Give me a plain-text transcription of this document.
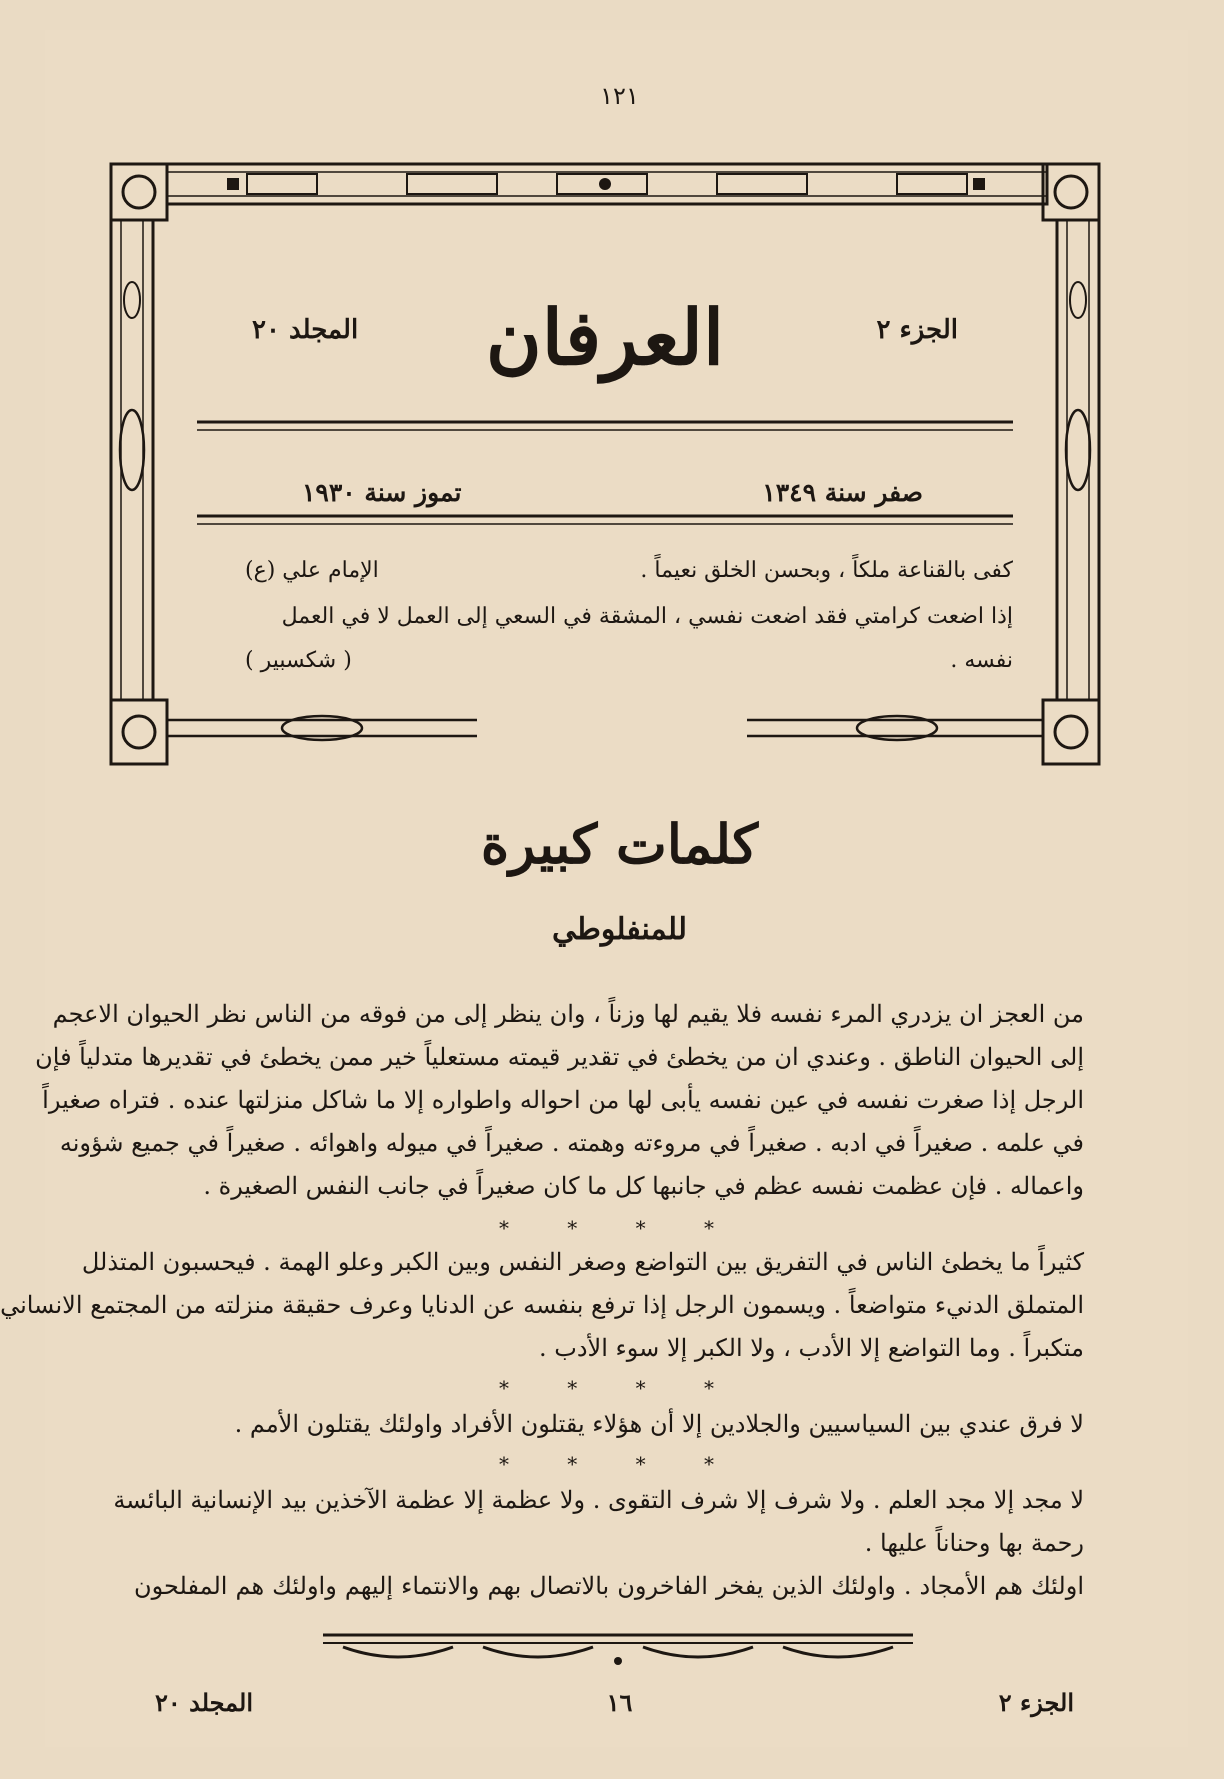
١٢١
الجزء ٢
العرفان
المجلد ٢٠
صفر سنة ١٣٤٩
تموز سنة ١٩٣٠
كفى بالقناعة ملكاً ، وبحسن الخلق نعيماً .
الإمام علي (ع)
إذا اضعت كرامتي فقد اضعت نفسي ، المشقة في السعي إلى العمل لا في العمل
نفسه .
( شكسبير )
كلمات كبيرة
للمنفلوطي
من العجز ان يزدري المرء نفسه فلا يقيم لها وزناً ، وان ينظر إلى من فوقه من الناس نظر الحيوان الاعجم
إلى الحيوان الناطق . وعندي ان من يخطئ في تقدير قيمته مستعلياً خير ممن يخطئ في تقديرها متدلياً فإن
الرجل إذا صغرت نفسه في عين نفسه يأبى لها من احواله واطواره إلا ما شاكل منزلتها عنده . فتراه صغيراً
في علمه . صغيراً في ادبه . صغيراً في مروءته وهمته . صغيراً في ميوله واهوائه . صغيراً في جميع شؤونه
واعماله . فإن عظمت نفسه عظم في جانبها كل ما كان صغيراً في جانب النفس الصغيرة .
* * * *
كثيراً ما يخطئ الناس في التفريق بين التواضع وصغر النفس وبين الكبر وعلو الهمة . فيحسبون المتذلل
المتملق الدنيء متواضعاً . ويسمون الرجل إذا ترفع بنفسه عن الدنايا وعرف حقيقة منزلته من المجتمع الانساني
متكبراً . وما التواضع إلا الأدب ، ولا الكبر إلا سوء الأدب .
* * * *
لا فرق عندي بين السياسيين والجلادين إلا أن هؤلاء يقتلون الأفراد واولئك يقتلون الأمم .
* * * *
لا مجد إلا مجد العلم . ولا شرف إلا شرف التقوى . ولا عظمة إلا عظمة الآخذين بيد الإنسانية البائسة
رحمة بها وحناناً عليها .
اولئك هم الأمجاد . واولئك الذين يفخر الفاخرون بالاتصال بهم والانتماء إليهم واولئك هم المفلحون
الجزء ٢
١٦
المجلد ٢٠
